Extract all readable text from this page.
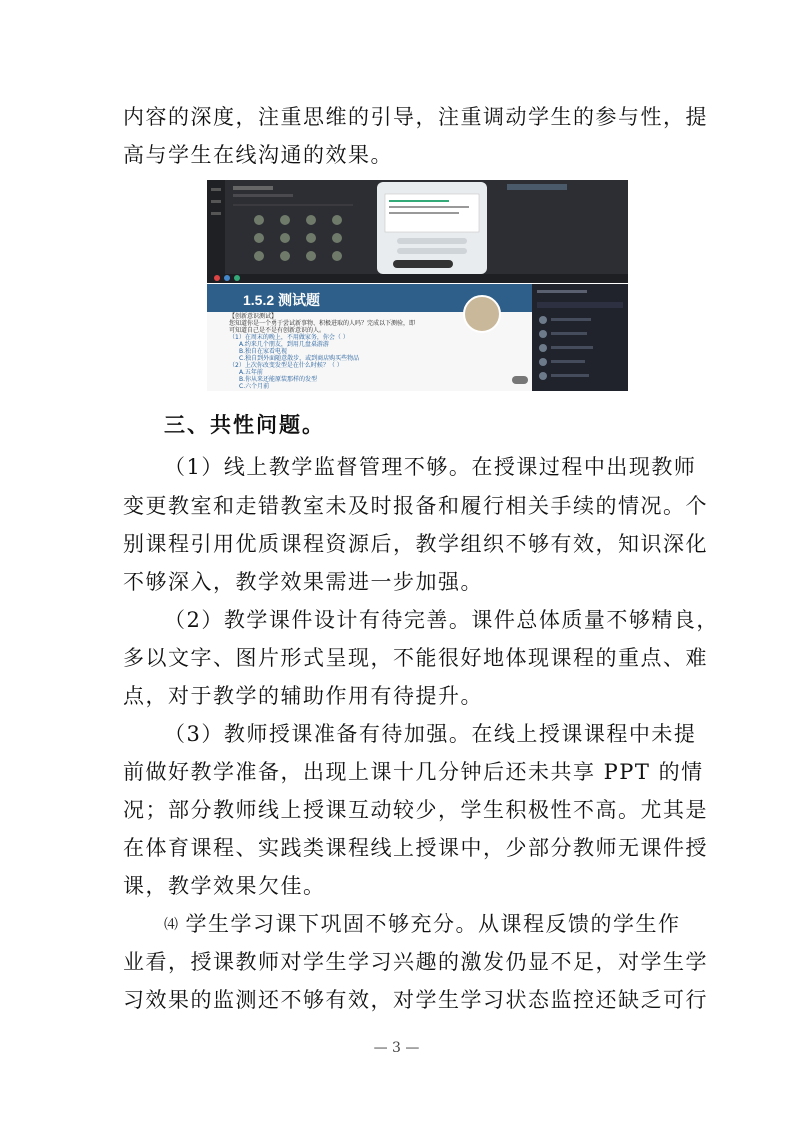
内容的深度，注重思维的引导，注重调动学生的参与性，提
高与学生在线沟通的效果。
1.5.2 测试题
【创新意识测试】
您知道你是一个勇于尝试新事物、积极进取的人吗？完成以下测验，即
可知道自己是不是有创新意识的人。
（1）在周末的晚上，不用做家务，你会（ ）
A.约来几个朋友，到用几盘桌游游
B.独自在家看电视
C.独自到外面随意散步，或到商店购买些物品
（2）上次你改变发型是在什么时候？（ ）
A.五年前
B.你从来还能原装那样的发型
C.六个月前
三、共性问题。
（1）线上教学监督管理不够。在授课过程中出现教师
变更教室和走错教室未及时报备和履行相关手续的情况。个
别课程引用优质课程资源后，教学组织不够有效，知识深化
不够深入，教学效果需进一步加强。
（2）教学课件设计有待完善。课件总体质量不够精良，
多以文字、图片形式呈现，不能很好地体现课程的重点、难
点，对于教学的辅助作用有待提升。
（3）教师授课准备有待加强。在线上授课课程中未提
前做好教学准备，出现上课十几分钟后还未共享 PPT 的情
况；部分教师线上授课互动较少，学生积极性不高。尤其是
在体育课程、实践类课程线上授课中，少部分教师无课件授
课，教学效果欠佳。
⑷ 学生学习课下巩固不够充分。从课程反馈的学生作
业看，授课教师对学生学习兴趣的激发仍显不足，对学生学
习效果的监测还不够有效，对学生学习状态监控还缺乏可行
— 3 —
